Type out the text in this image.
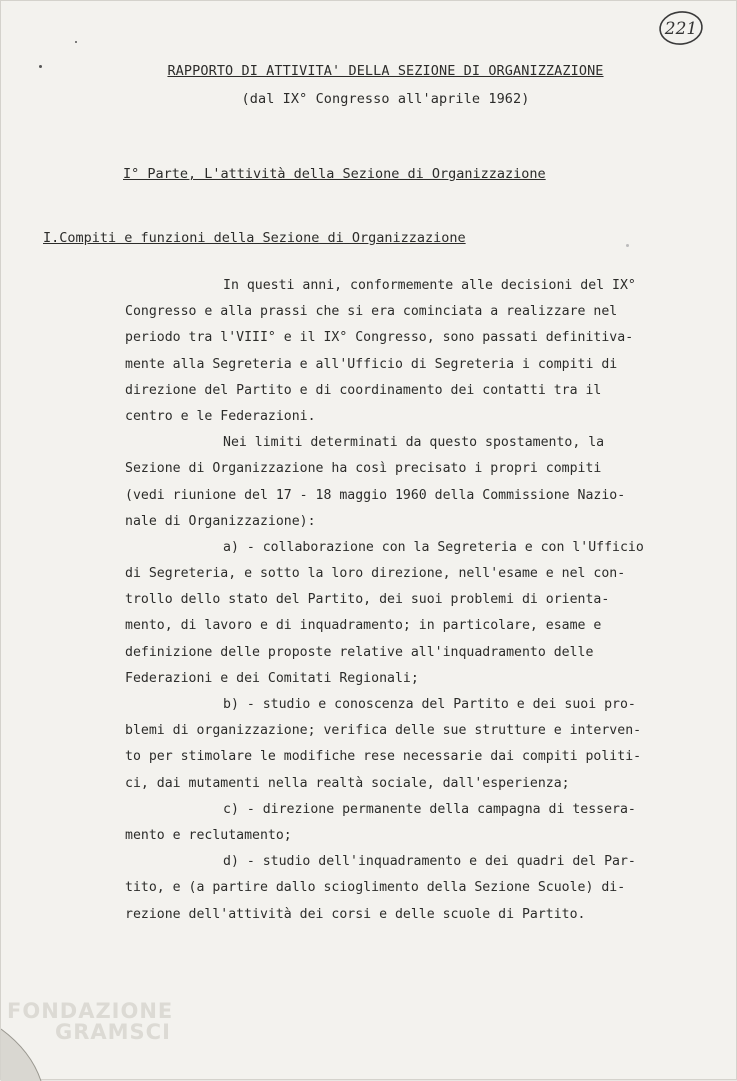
221
RAPPORTO DI ATTIVITA' DELLA SEZIONE DI ORGANIZZAZIONE
(dal IX° Congresso all'aprile 1962)
I° Parte, L'attività della Sezione di Organizzazione
I.Compiti e funzioni della Sezione di Organizzazione
In questi anni, conformemente alle decisioni del IX°
Congresso e alla prassi che si era cominciata a realizzare nel
periodo tra l'VIII° e il IX° Congresso, sono passati definitiva-
mente alla Segreteria e all'Ufficio di Segreteria i compiti di
direzione del Partito e di coordinamento dei contatti tra il
centro e le Federazioni.
Nei limiti determinati da questo spostamento, la
Sezione di Organizzazione ha così precisato i propri compiti
(vedi riunione del 17 - 18 maggio 1960 della Commissione Nazio-
nale di Organizzazione):
a) - collaborazione con la Segreteria e con l'Ufficio
di Segreteria, e sotto la loro direzione, nell'esame e nel con-
trollo dello stato del Partito, dei suoi problemi di orienta-
mento, di lavoro e di inquadramento; in particolare, esame e
definizione delle proposte relative all'inquadramento delle
Federazioni e dei Comitati Regionali;
b) - studio e conoscenza del Partito e dei suoi pro-
blemi di organizzazione; verifica delle sue strutture e interven-
to per stimolare le modifiche rese necessarie dai compiti politi-
ci, dai mutamenti nella realtà sociale, dall'esperienza;
c) - direzione permanente della campagna di tessera-
mento e reclutamento;
d) - studio dell'inquadramento e dei quadri del Par-
tito, e (a partire dallo scioglimento della Sezione Scuole) di-
rezione dell'attività dei corsi e delle scuole di Partito.
FONDAZIONE
GRAMSCI
